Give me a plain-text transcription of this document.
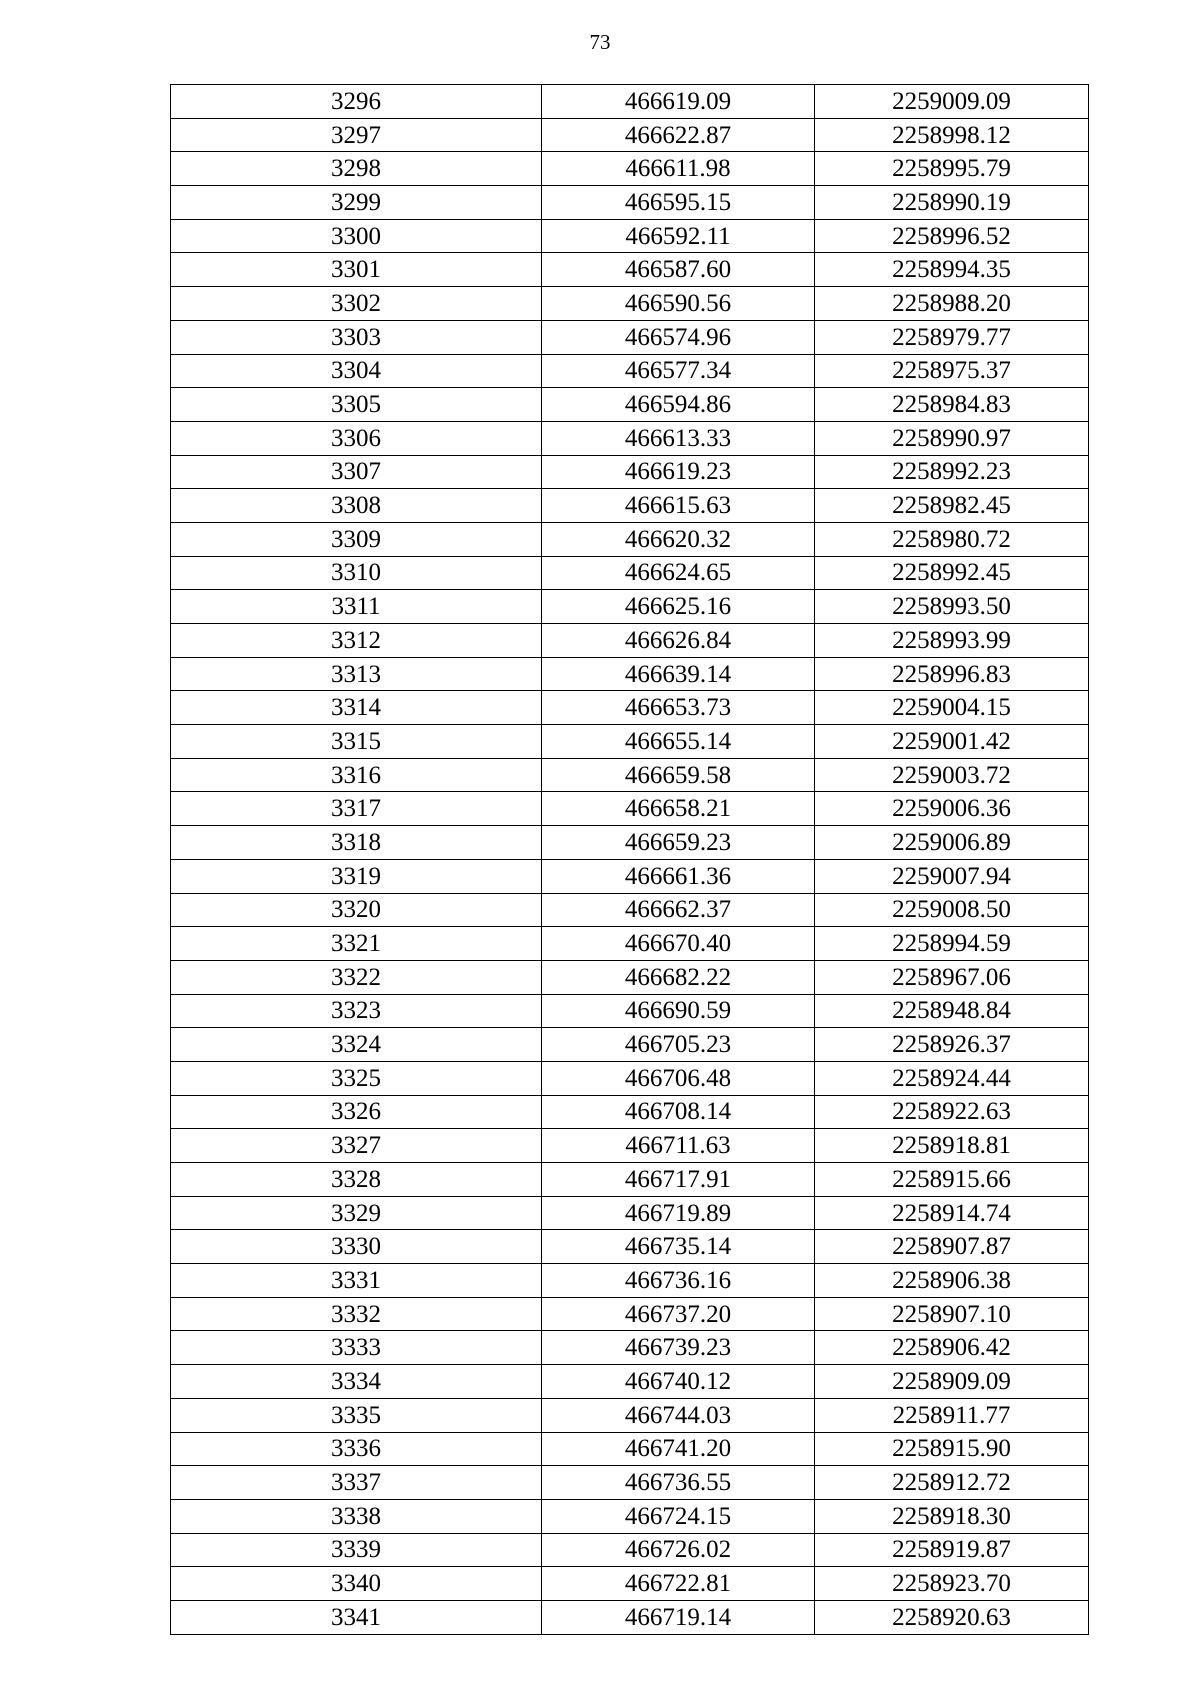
73
3296	466619.09	2259009.09
3297	466622.87	2258998.12
3298	466611.98	2258995.79
3299	466595.15	2258990.19
3300	466592.11	2258996.52
3301	466587.60	2258994.35
3302	466590.56	2258988.20
3303	466574.96	2258979.77
3304	466577.34	2258975.37
3305	466594.86	2258984.83
3306	466613.33	2258990.97
3307	466619.23	2258992.23
3308	466615.63	2258982.45
3309	466620.32	2258980.72
3310	466624.65	2258992.45
3311	466625.16	2258993.50
3312	466626.84	2258993.99
3313	466639.14	2258996.83
3314	466653.73	2259004.15
3315	466655.14	2259001.42
3316	466659.58	2259003.72
3317	466658.21	2259006.36
3318	466659.23	2259006.89
3319	466661.36	2259007.94
3320	466662.37	2259008.50
3321	466670.40	2258994.59
3322	466682.22	2258967.06
3323	466690.59	2258948.84
3324	466705.23	2258926.37
3325	466706.48	2258924.44
3326	466708.14	2258922.63
3327	466711.63	2258918.81
3328	466717.91	2258915.66
3329	466719.89	2258914.74
3330	466735.14	2258907.87
3331	466736.16	2258906.38
3332	466737.20	2258907.10
3333	466739.23	2258906.42
3334	466740.12	2258909.09
3335	466744.03	2258911.77
3336	466741.20	2258915.90
3337	466736.55	2258912.72
3338	466724.15	2258918.30
3339	466726.02	2258919.87
3340	466722.81	2258923.70
3341	466719.14	2258920.63
